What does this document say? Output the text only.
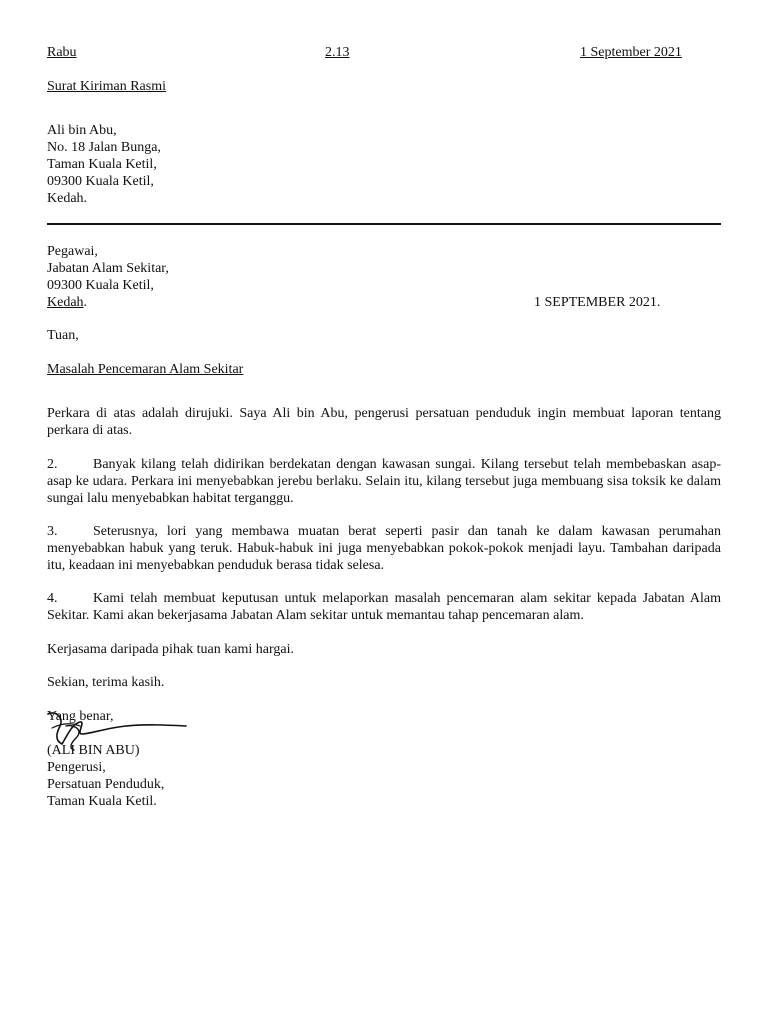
Rabu	2.13	1 September 2021
Surat Kiriman Rasmi

Ali bin Abu,

No. 18 Jalan Bunga,

Taman Kuala Ketil,

09300 Kuala Ketil,

Kedah.

Pegawai,

Jabatan Alam Sekitar,

09300 Kuala Ketil,

Kedah.	1 SEPTEMBER 2021.
Tuan,
Masalah Pencemaran Alam Sekitar

Perkara di atas adalah dirujuki. Saya Ali bin Abu, pengerusi persatuan penduduk ingin membuat laporan tentang perkara di atas.

2.	Banyak kilang telah didirikan berdekatan dengan kawasan sungai. Kilang tersebut telah membebaskan asap-asap ke udara. Perkara ini menyebabkan jerebu berlaku. Selain itu, kilang tersebut juga membuang sisa toksik ke dalam sungai lalu menyebabkan habitat terganggu.

3.	Seterusnya, lori yang membawa muatan berat seperti pasir dan tanah ke dalam kawasan perumahan menyebabkan habuk yang teruk. Habuk-habuk ini juga menyebabkan pokok-pokok menjadi layu. Tambahan daripada itu, keadaan ini menyebabkan penduduk berasa tidak selesa.

4.	Kami telah membuat keputusan untuk melaporkan masalah pencemaran alam sekitar kepada Jabatan Alam Sekitar. Kami akan bekerjasama Jabatan Alam sekitar untuk memantau tahap pencemaran alam.

Kerjasama daripada pihak tuan kami hargai.
Sekian, terima kasih.

Yang benar,

(ALI BIN ABU)

Pengerusi,

Persatuan Penduduk,

Taman Kuala Ketil.
